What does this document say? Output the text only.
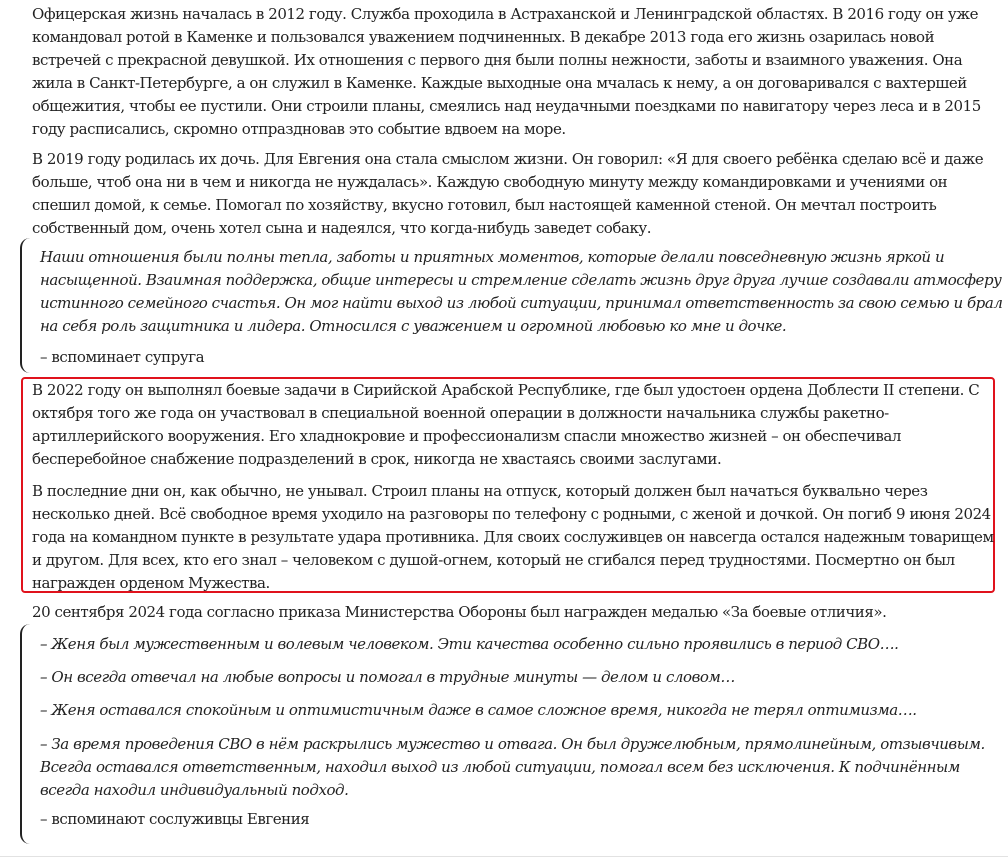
Офицерская жизнь началась в 2012 году. Служба проходила в Астраханской и Ленинградской областях. В 2016 году он уже командовал ротой в Каменке и пользовался уважением подчиненных. В декабре 2013 года его жизнь озарилась новой встречей с прекрасной девушкой. Их отношения с первого дня были полны нежности, заботы и взаимного уважения. Она жила в Санкт-Петербурге, а он служил в Каменке. Каждые выходные она мчалась к нему, а он договаривался с вахтершей общежития, чтобы ее пустили. Они строили планы, смеялись над неудачными поездками по навигатору через леса и в 2015 году расписались, скромно отпраздновав это событие вдвоем на море.

В 2019 году родилась их дочь. Для Евгения она стала смыслом жизни. Он говорил: «Я для своего ребёнка сделаю всё и даже больше, чтоб она ни в чем и никогда не нуждалась». Каждую свободную минуту между командировками и учениями он спешил домой, к семье. Помогал по хозяйству, вкусно готовил, был настоящей каменной стеной. Он мечтал построить собственный дом, очень хотел сына и надеялся, что когда-нибудь заведет собаку.

Наши отношения были полны тепла, заботы и приятных моментов, которые делали повседневную жизнь яркой и насыщенной. Взаимная поддержка, общие интересы и стремление сделать жизнь друг друга лучше создавали атмосферу истинного семейного счастья. Он мог найти выход из любой ситуации, принимал ответственность за свою семью и брал на себя роль защитника и лидера. Относился с уважением и огромной любовью ко мне и дочке.

– вспоминает супруга

В 2022 году он выполнял боевые задачи в Сирийской Арабской Республике, где был удостоен ордена Доблести II степени. С октября того же года он участвовал в специальной военной операции в должности начальника службы ракетно-артиллерийского вооружения. Его хладнокровие и профессионализм спасли множество жизней – он обеспечивал бесперебойное снабжение подразделений в срок, никогда не хвастаясь своими заслугами.

В последние дни он, как обычно, не унывал. Строил планы на отпуск, который должен был начаться буквально через несколько дней. Всё свободное время уходило на разговоры по телефону с родными, с женой и дочкой. Он погиб 9 июня 2024 года на командном пункте в результате удара противника. Для своих сослуживцев он навсегда остался надежным товарищем и другом. Для всех, кто его знал – человеком с душой-огнем, который не сгибался перед трудностями. Посмертно он был награжден орденом Мужества.

20 сентября 2024 года согласно приказа Министерства Обороны был награжден медалью «За боевые отличия».

– Женя был мужественным и волевым человеком. Эти качества особенно сильно проявились в период СВО….

– Он всегда отвечал на любые вопросы и помогал в трудные минуты — делом и словом…

– Женя оставался спокойным и оптимистичным даже в самое сложное время, никогда не терял оптимизма….

– За время проведения СВО в нём раскрылись мужество и отвага. Он был дружелюбным, прямолинейным, отзывчивым. Всегда оставался ответственным, находил выход из любой ситуации, помогал всем без исключения. К подчинённым всегда находил индивидуальный подход.

– вспоминают сослуживцы Евгения
